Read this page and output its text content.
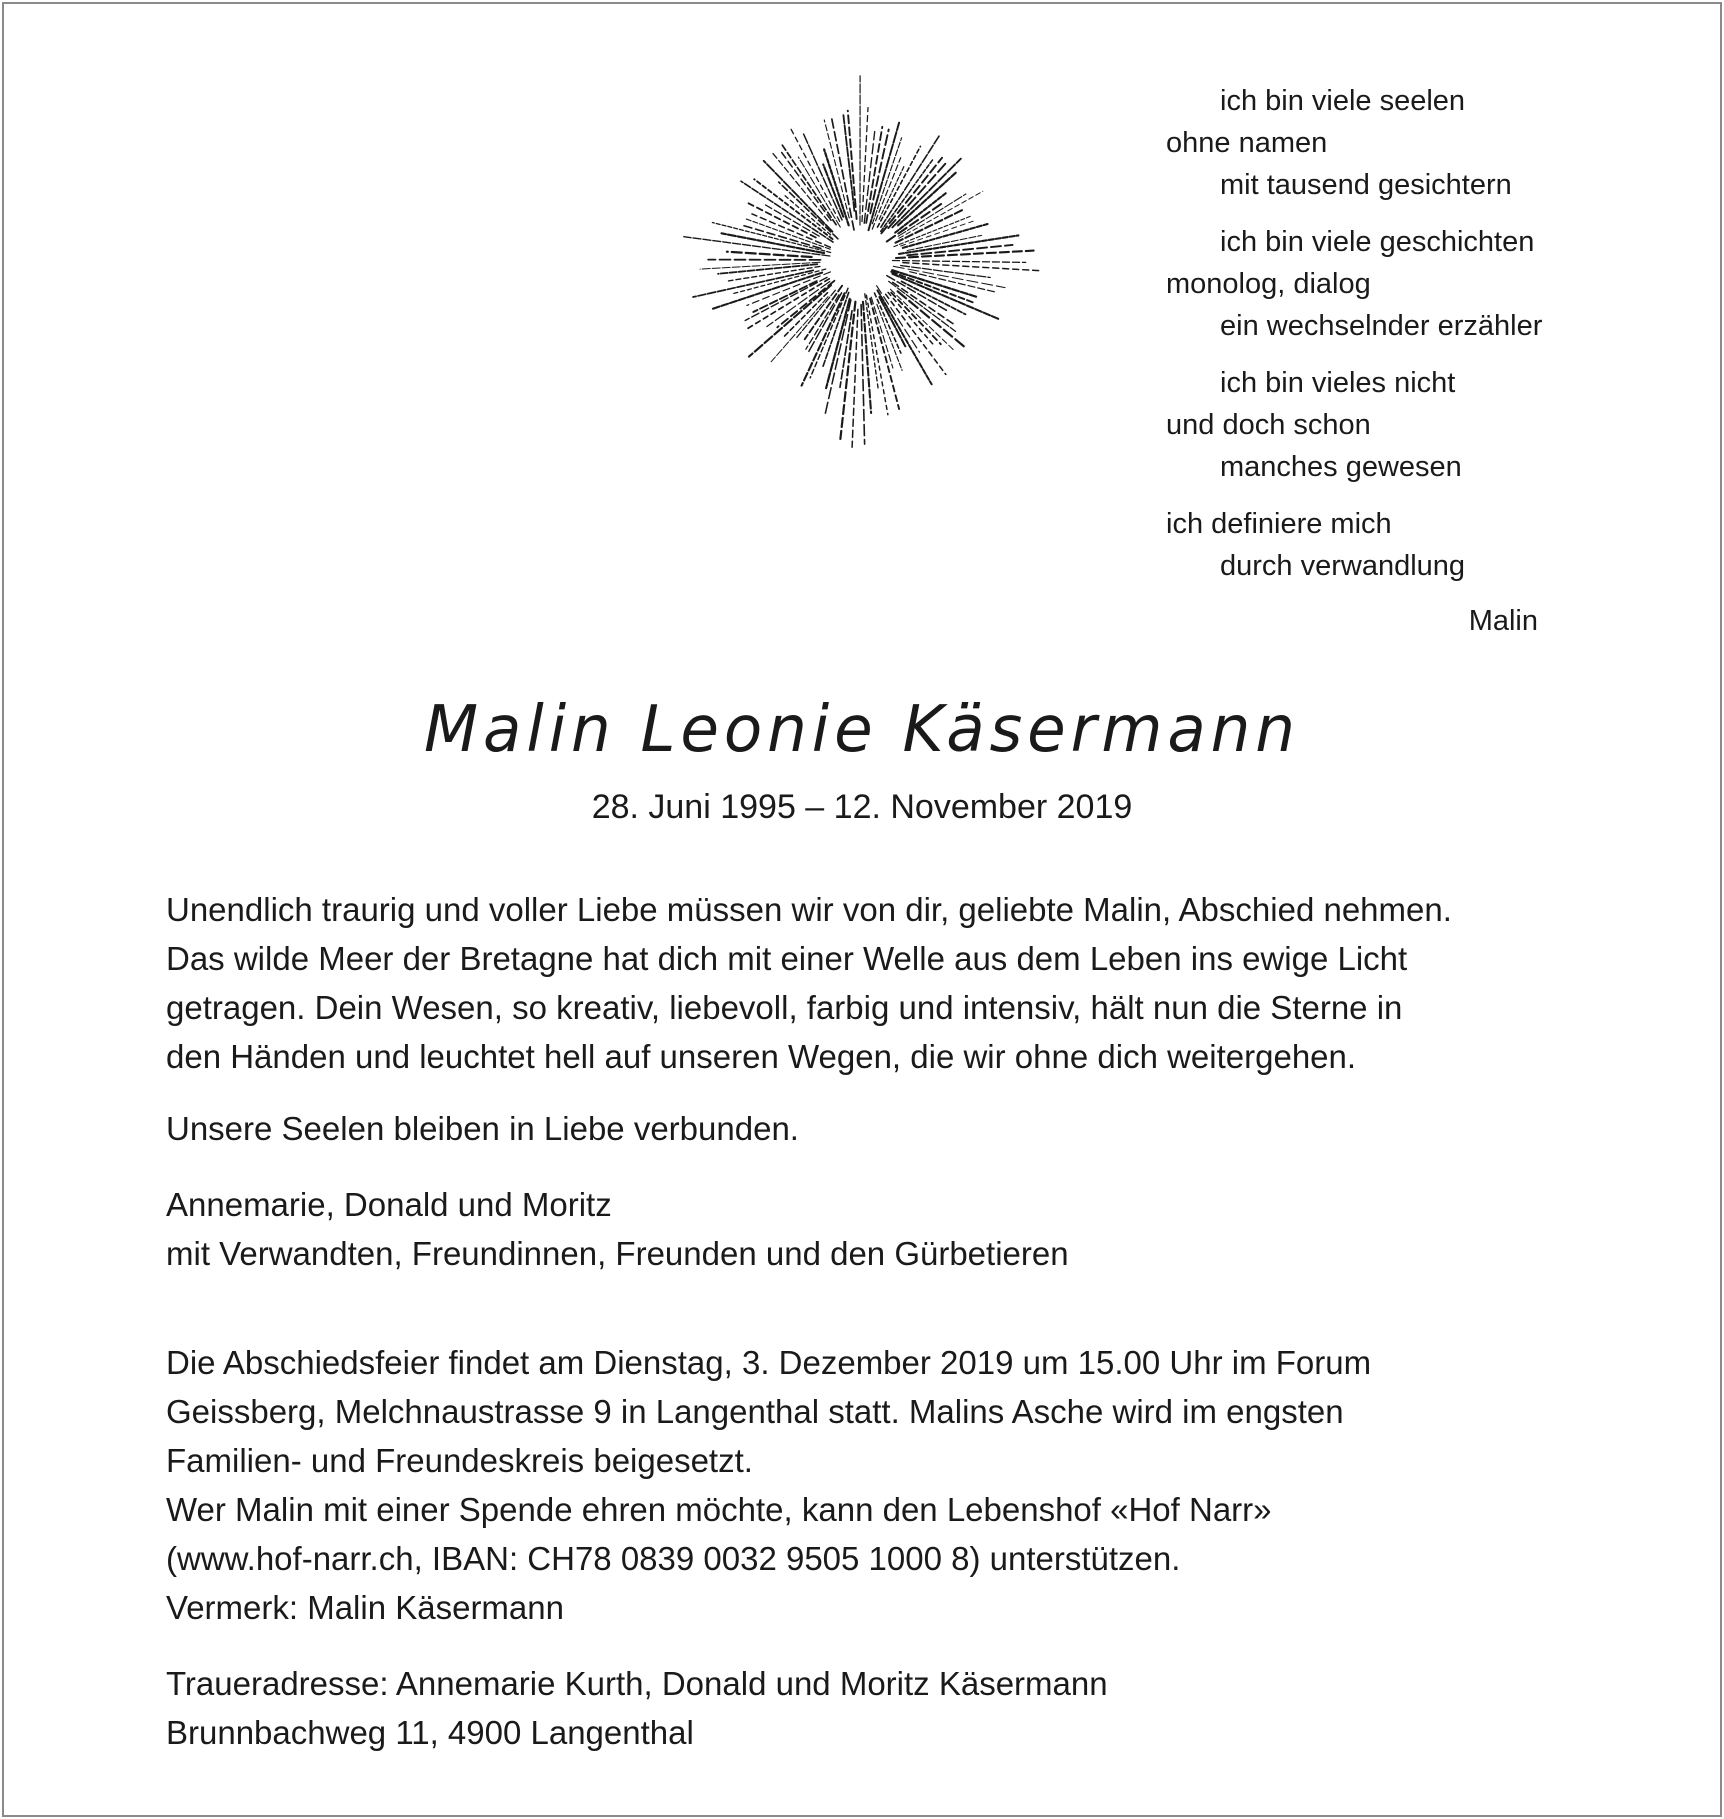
ich bin viele seelen
ohne namen
mit tausend gesichtern
ich bin viele geschichten
monolog, dialog
ein wechselnder erzähler
ich bin vieles nicht
und doch schon
manches gewesen
ich definiere mich
durch verwandlung
Malin
Malin Leonie Käsermann
28. Juni 1995 – 12. November 2019

Unendlich traurig und voller Liebe müssen wir von dir, geliebte Malin, Abschied nehmen.

Das wilde Meer der Bretagne hat dich mit einer Welle aus dem Leben ins ewige Licht

getragen. Dein Wesen, so kreativ, liebevoll, farbig und intensiv, hält nun die Sterne in

den Händen und leuchtet hell auf unseren Wegen, die wir ohne dich weitergehen.

Unsere Seelen bleiben in Liebe verbunden.

Annemarie, Donald und Moritz

mit Verwandten, Freundinnen, Freunden und den Gürbetieren

Die Abschiedsfeier findet am Dienstag, 3. Dezember 2019 um 15.00 Uhr im Forum

Geissberg, Melchnaustrasse 9 in Langenthal statt. Malins Asche wird im engsten

Familien- und Freundeskreis beigesetzt.

Wer Malin mit einer Spende ehren möchte, kann den Lebenshof «Hof Narr»

(www.hof-narr.ch, IBAN: CH78 0839 0032 9505 1000 8) unterstützen.

Vermerk: Malin Käsermann

Traueradresse: Annemarie Kurth, Donald und Moritz Käsermann

Brunnbachweg 11, 4900 Langenthal
